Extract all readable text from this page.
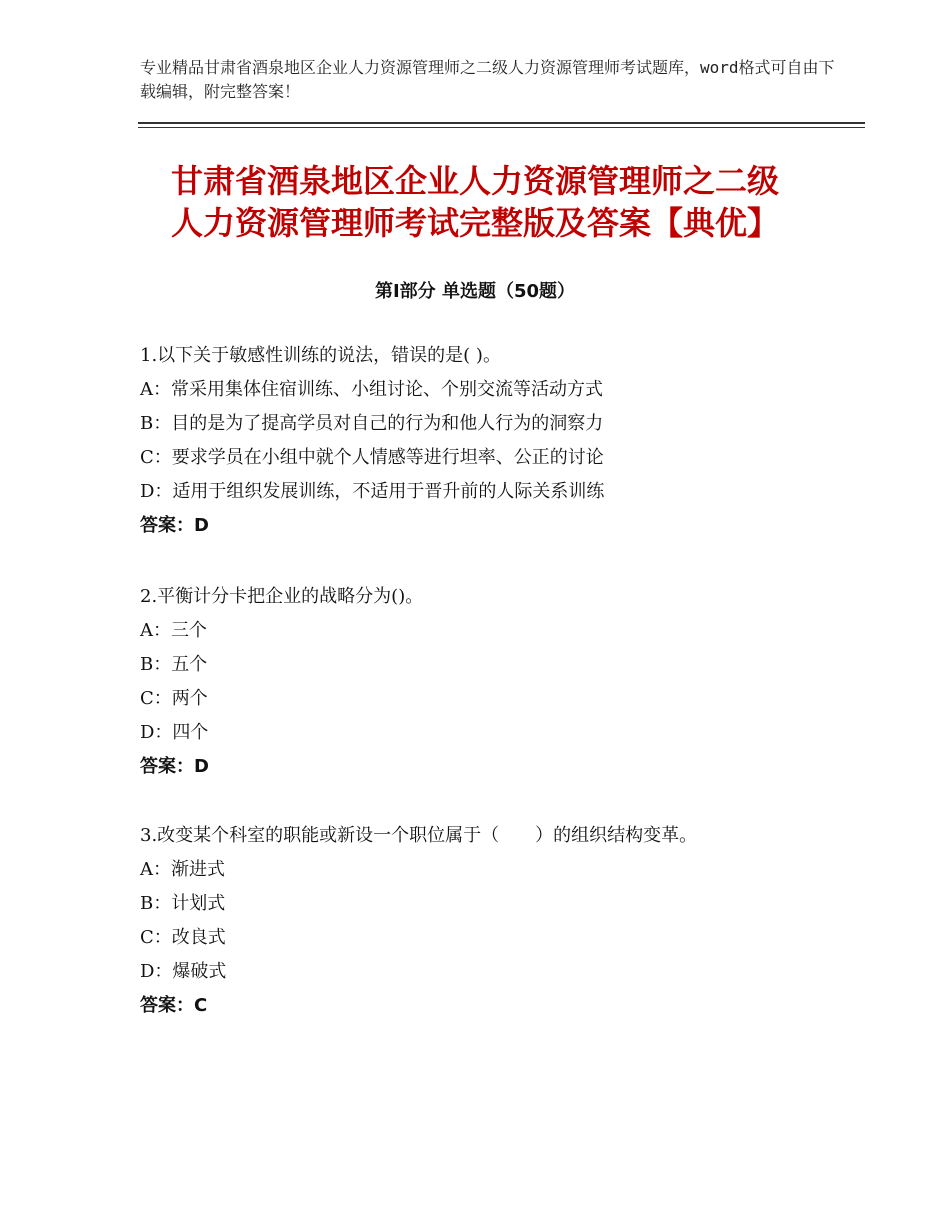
专业精品甘肃省酒泉地区企业人力资源管理师之二级人力资源管理师考试题库，word格式可自由下载编辑，附完整答案！
甘肃省酒泉地区企业人力资源管理师之二级
人力资源管理师考试完整版及答案【典优】
第Ⅰ部分 单选题（50题）
1.以下关于敏感性训练的说法，错误的是( )。
A：常采用集体住宿训练、小组讨论、个别交流等活动方式
B：目的是为了提高学员对自己的行为和他人行为的洞察力
C：要求学员在小组中就个人情感等进行坦率、公正的讨论
D：适用于组织发展训练，不适用于晋升前的人际关系训练
答案：D
2.平衡计分卡把企业的战略分为()。
A：三个
B：五个
C：两个
D：四个
答案：D
3.改变某个科室的职能或新设一个职位属于（　　）的组织结构变革。
A：渐进式
B：计划式
C：改良式
D：爆破式
答案：C
